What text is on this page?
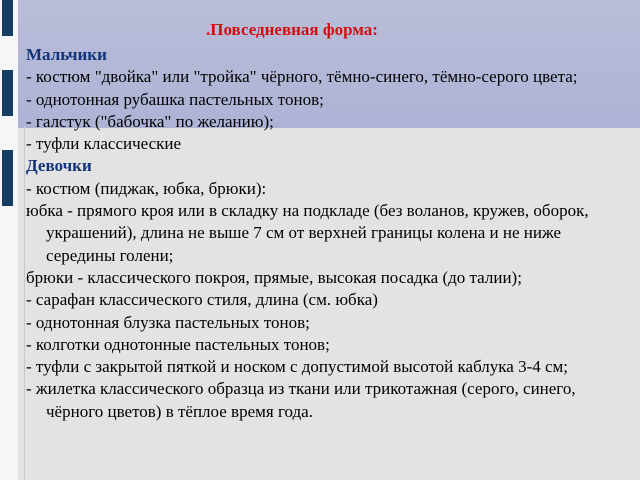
.Повседневная форма:

Мальчики

- костюм "двойка" или "тройка" чёрного, тёмно-синего, тёмно-серого цвета;

- однотонная рубашка пастельных тонов;

- галстук ("бабочка" по желанию);

- туфли классические

Девочки

- костюм (пиджак, юбка, брюки):

юбка - прямого кроя или в складку на подкладе (без воланов, кружев, оборок, украшений), длина не выше 7 см от верхней границы колена и не ниже середины голени;

брюки - классического покроя, прямые, высокая посадка (до талии);

- сарафан классического стиля, длина (см. юбка)

- однотонная блузка пастельных тонов;

- колготки однотонные пастельных тонов;

- туфли с закрытой пяткой и носком с допустимой высотой каблука 3-4 см;

- жилетка классического образца из ткани или трикотажная (серого, синего, чёрного цветов) в тёплое время года.
